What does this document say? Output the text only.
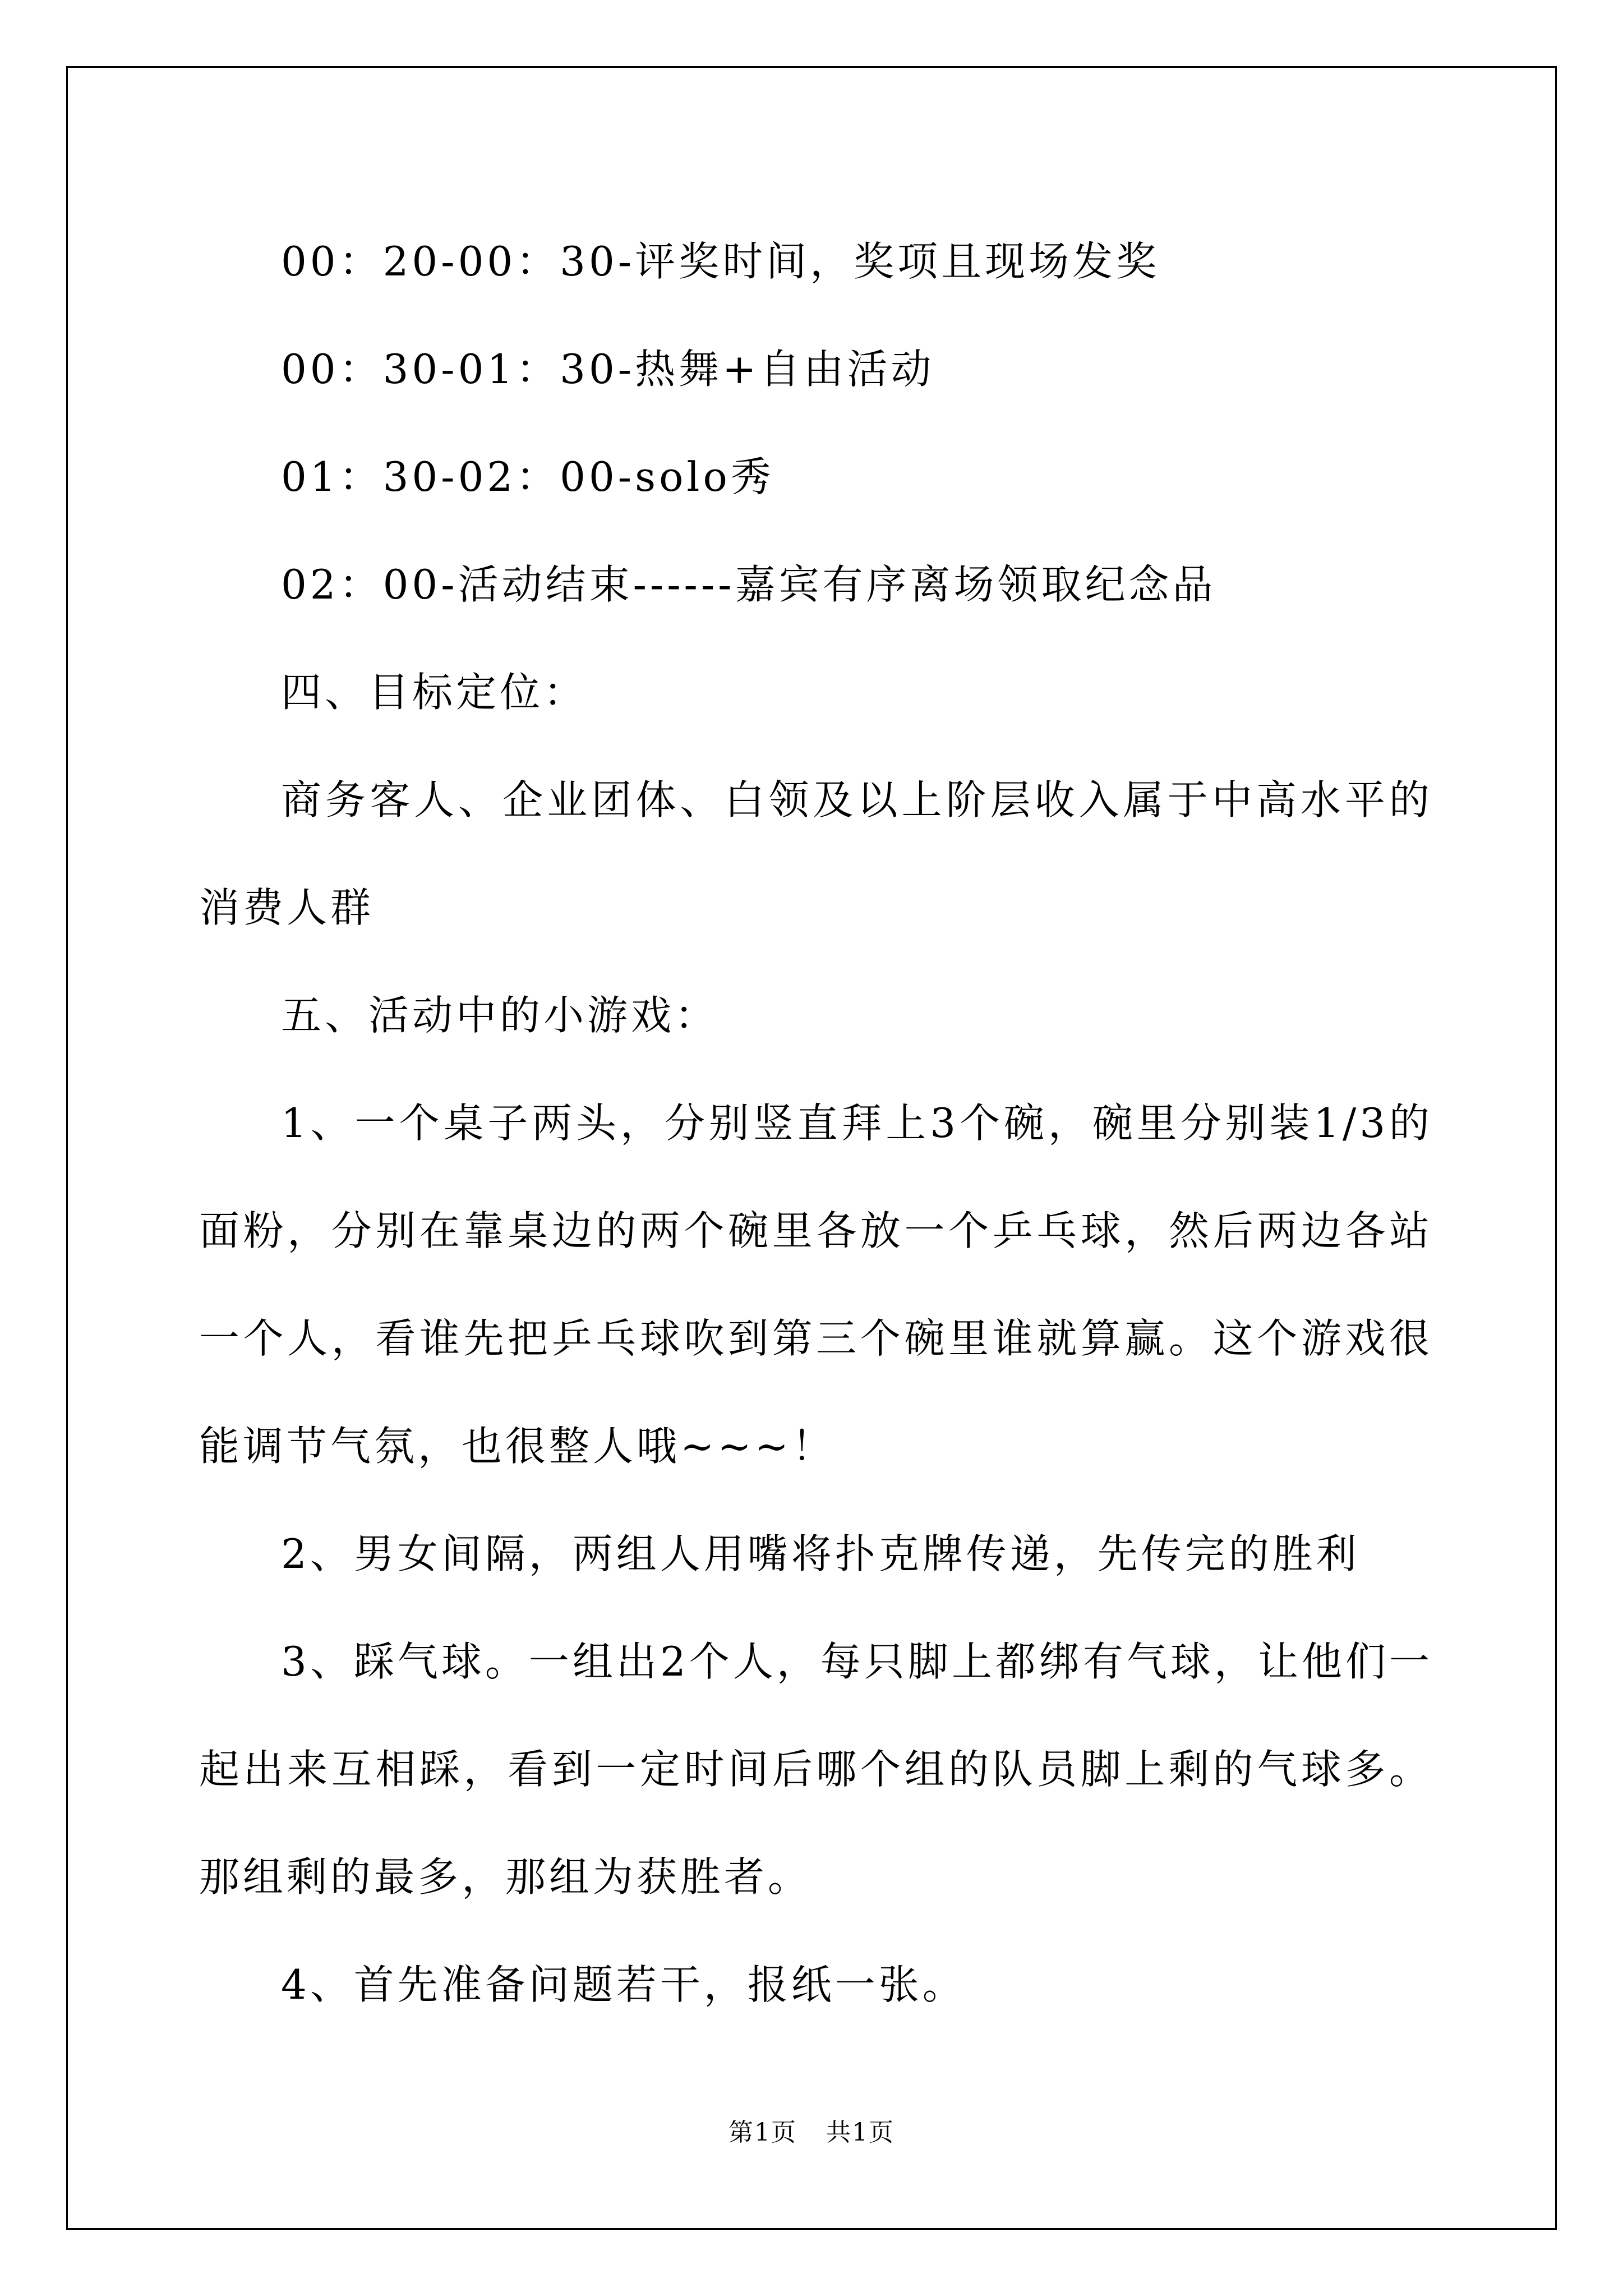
00：20-00：30-评奖时间，奖项且现场发奖

00：30-01：30-热舞+自由活动

01：30-02：00-solo秀

02：00-活动结束------嘉宾有序离场领取纪念品

四、目标定位：

商务客人、企业团体、白领及以上阶层收入属于中高水平的消费人群

五、活动中的小游戏：

1、一个桌子两头，分别竖直拜上3个碗，碗里分别装1/3的面粉，分别在靠桌边的两个碗里各放一个乒乓球，然后两边各站一个人，看谁先把乒乓球吹到第三个碗里谁就算赢。这个游戏很能调节气氛，也很整人哦~~~！

2、男女间隔，两组人用嘴将扑克牌传递，先传完的胜利

3、踩气球。一组出2个人，每只脚上都绑有气球，让他们一起出来互相踩，看到一定时间后哪个组的队员脚上剩的气球多。那组剩的最多，那组为获胜者。

4、首先准备问题若干，报纸一张。

第1页 共1页
